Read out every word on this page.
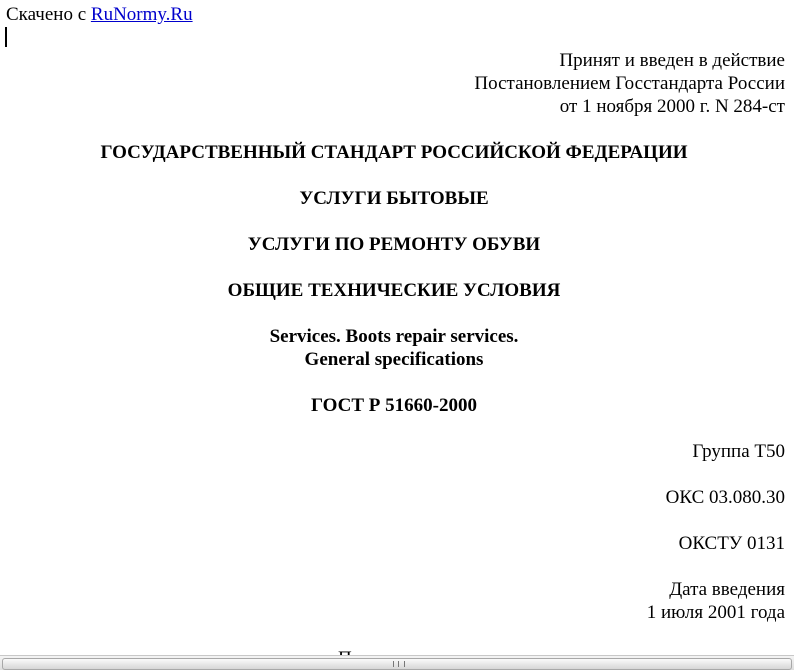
Скачено с RuNormy.Ru
Принят и введен в действие
Постановлением Госстандарта России
от 1 ноября 2000 г. N 284-ст
ГОСУДАРСТВЕННЫЙ СТАНДАРТ РОССИЙСКОЙ ФЕДЕРАЦИИ
УСЛУГИ БЫТОВЫЕ
УСЛУГИ ПО РЕМОНТУ ОБУВИ
ОБЩИЕ ТЕХНИЧЕСКИЕ УСЛОВИЯ
Services. Boots repair services.
General specifications
ГОСТ Р 51660-2000
Группа Т50
ОКС 03.080.30
ОКСТУ 0131
Дата введения
1 июля 2001 года
